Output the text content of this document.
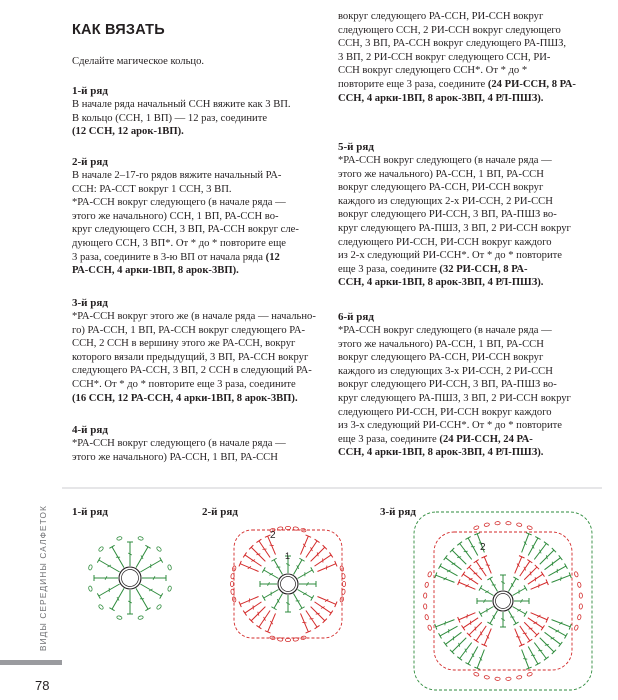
КАК ВЯЗАТЬ

Сделайте магическое кольцо.

1-й ряд

В начале ряда начальный ССН вяжите как 3 ВП.

В кольцо (ССН, 1 ВП) — 12 раз, соедините

(12 ССН, 12 арок-1ВП).

2-й ряд

В начале 2–17-го рядов вяжите начальный РА-

ССН: РА-ССТ вокруг 1 ССН, 3 ВП.

*РА-ССН вокруг следующего (в начале ряда —

этого же начального) ССН, 1 ВП, РА-ССН во-

круг следующего ССН, 3 ВП, РА-ССН вокруг сле-

дующего ССН, 3 ВП*. От * до * повторите еще

3 раза, соедините в 3-ю ВП от начала ряда (12

РА-ССН, 4 арки-1ВП, 8 арок-3ВП).

3-й ряд

*РА-ССН вокруг этого же (в начале ряда — начально-

го) РА-ССН, 1 ВП, РА-ССН вокруг следующего РА-

ССН, 2 ССН в вершину этого же РА-ССН, вокруг

которого вязали предыдущий, 3 ВП, РА-ССН вокруг

следующего РА-ССН, 3 ВП, 2 ССН в следующий РА-

ССН*. От * до * повторите еще 3 раза, соедините

(16 ССН, 12 РА-ССН, 4 арки-1ВП, 8 арок-3ВП).

4-й ряд

*РА-ССН вокруг следующего (в начале ряда —

этого же начального) РА-ССН, 1 ВП, РА-ССН

вокруг следующего РА-ССН, РИ-ССН вокруг

следующего ССН, 2 РИ-ССН вокруг следующего

ССН, 3 ВП, РА-ССН вокруг следующего РА-ПШЗ,

3 ВП, 2 РИ-ССН вокруг следующего ССН, РИ-

ССН вокруг следующего ССН*. От * до *

повторите еще 3 раза, соедините (24 РИ-ССН, 8 РА-

ССН, 4 арки-1ВП, 8 арок-3ВП, 4 РЛ-ПШЗ).

5-й ряд

*РА-ССН вокруг следующего (в начале ряда —

этого же начального) РА-ССН, 1 ВП, РА-ССН

вокруг следующего РА-ССН, РИ-ССН вокруг

каждого из следующих 2-х РИ-ССН, 2 РИ-ССН

вокруг следующего РИ-ССН, 3 ВП, РА-ПШЗ во-

круг следующего РА-ПШЗ, 3 ВП, 2 РИ-ССН вокруг

следующего РИ-ССН, РИ-ССН вокруг каждого

из 2-х следующий РИ-ССН*. От * до * повторите

еще 3 раза, соедините (32 РИ-ССН, 8 РА-

ССН, 4 арки-1ВП, 8 арок-3ВП, 4 РЛ-ПШЗ).

6-й ряд

*РА-ССН вокруг следующего (в начале ряда —

этого же начального) РА-ССН, 1 ВП, РА-ССН

вокруг следующего РА-ССН, РИ-ССН вокруг

каждого из следующих 3-х РИ-ССН, 2 РИ-ССН

вокруг следующего РИ-ССН, 3 ВП, РА-ПШЗ во-

круг следующего РА-ПШЗ, 3 ВП, 2 РИ-ССН вокруг

следующего РИ-ССН, РИ-ССН вокруг каждого

из 3-х следующий РИ-ССН*. От * до * повторите

еще 3 раза, соедините (24 РИ-ССН, 24 РА-

ССН, 4 арки-1ВП, 8 арок-3ВП, 4 РЛ-ПШЗ).

ВИДЫ СЕРЕДИНЫ САЛФЕТОК
78
1-й ряд	2-й ряд	3-й ряд
2
1
2
